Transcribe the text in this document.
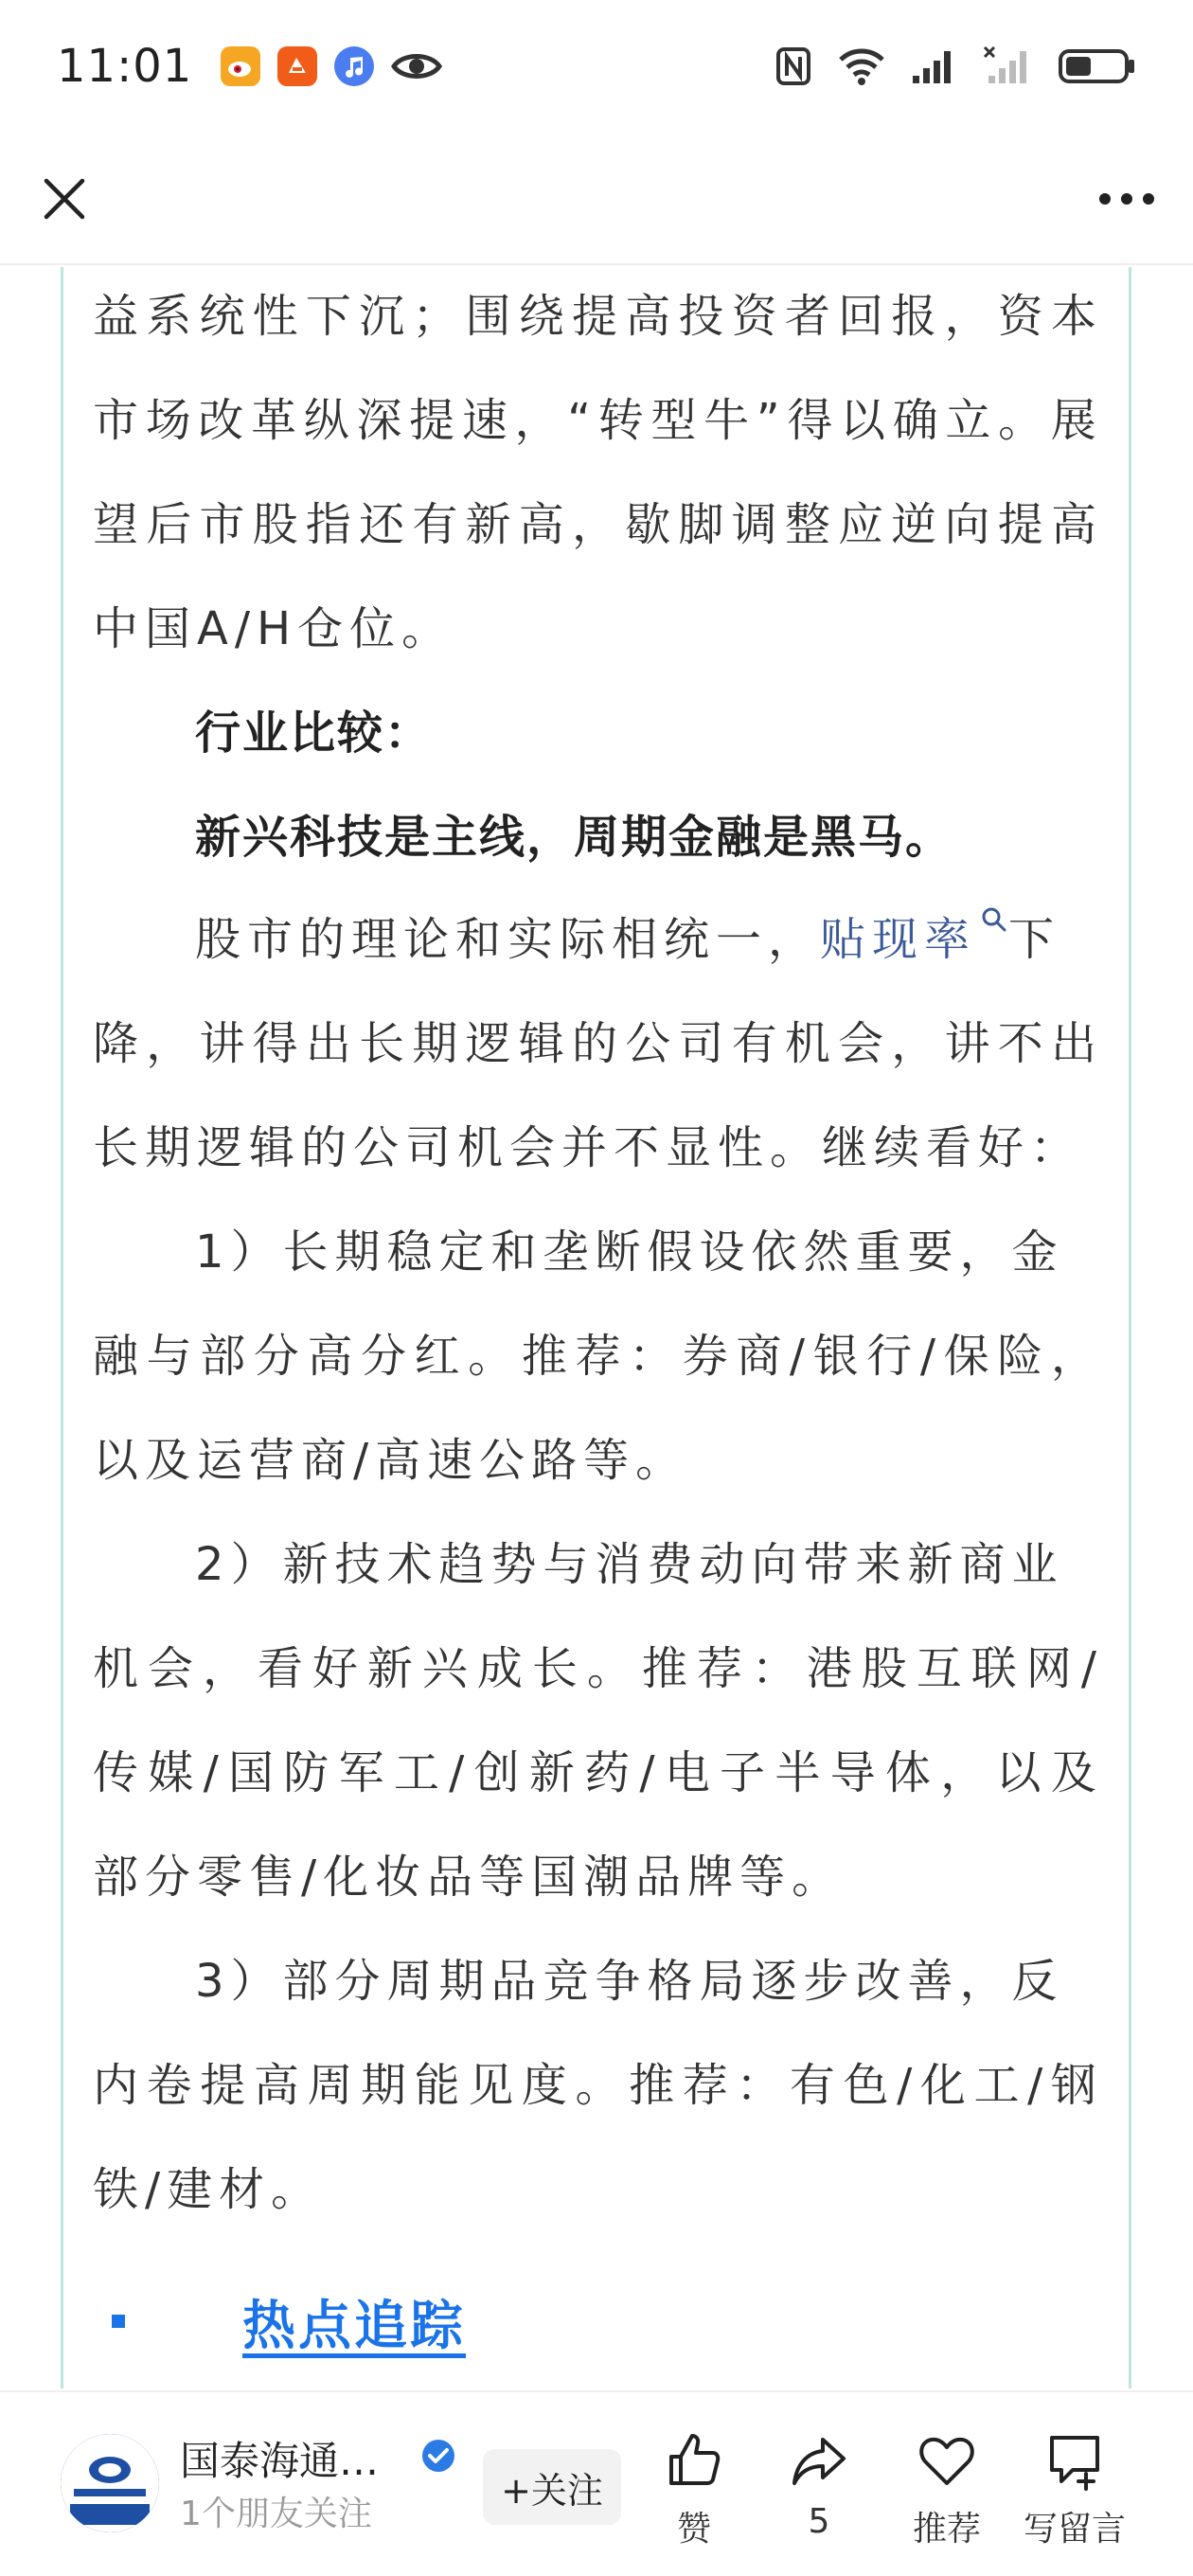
11:01
益 系 统 性 下 沉 ； 围 绕 提 高 投 资 者 回 报 ， 资 本
市 场 改 革 纵 深 提 速 ， “ 转 型 牛 ” 得 以 确 立 。 展
望 后 市 股 指 还 有 新 高 ， 歇 脚 调 整 应 逆 向 提 高
中国A/H仓位。
行业比较：
新兴科技是主线，周期金融是黑马。
股市的理论和实际相统一，贴现率 下
降 ， 讲 得 出 长 期 逻 辑 的 公 司 有 机 会 ， 讲 不 出
长期逻辑的公司机会并不显性。继续看好：
1）长期稳定和垄断假设依然重要，金
融 与 部 分 高 分 红 。 推 荐 ： 券 商 / 银 行 / 保 险 ，
以及运营商/高速公路等。
2）新技术趋势与消费动向带来新商业
机 会 ， 看 好 新 兴 成 长 。 推 荐 ： 港 股 互 联 网 /
传 媒 / 国 防 军 工 / 创 新 药 / 电 子 半 导 体 ， 以 及
部分零售/化妆品等国潮品牌等。
3）部分周期品竞争格局逐步改善，反
内 卷 提 高 周 期 能 见 度 。 推 荐 ： 有 色 / 化 工 / 钢
铁/建材。
热点追踪
国泰海通…
1个朋友关注
+关注
赞	5 推荐 写留言
